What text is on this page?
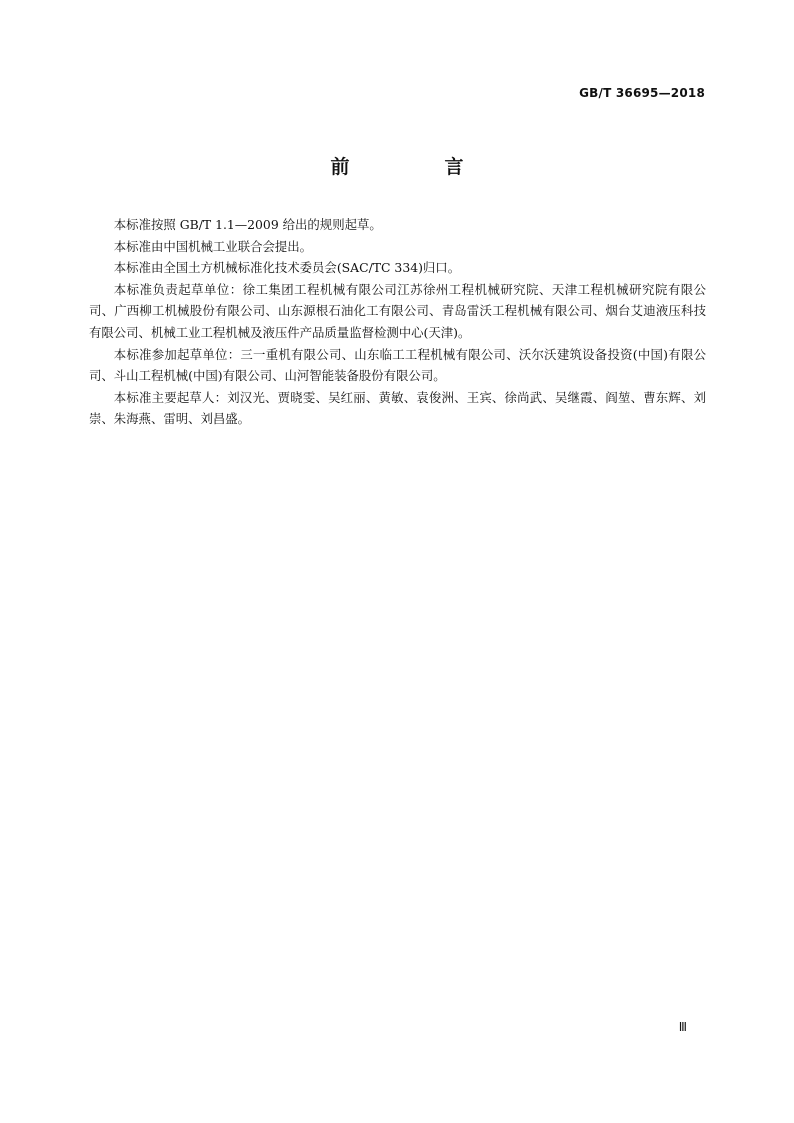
GB/T 36695—2018
前　言

本标准按照 GB/T 1.1—2009 给出的规则起草。

本标准由中国机械工业联合会提出。

本标准由全国土方机械标准化技术委员会(SAC/TC 334)归口。

本标准负责起草单位：徐工集团工程机械有限公司江苏徐州工程机械研究院、天津工程机械研究院有限公司、广西柳工机械股份有限公司、山东源根石油化工有限公司、青岛雷沃工程机械有限公司、烟台艾迪液压科技有限公司、机械工业工程机械及液压件产品质量监督检测中心(天津)。

本标准参加起草单位：三一重机有限公司、山东临工工程机械有限公司、沃尔沃建筑设备投资(中国)有限公司、斗山工程机械(中国)有限公司、山河智能装备股份有限公司。

本标准主要起草人：刘汉光、贾晓雯、吴红丽、黄敏、袁俊洲、王宾、徐尚武、吴继霞、阎堃、曹东辉、刘崇、朱海燕、雷明、刘昌盛。

Ⅲ
